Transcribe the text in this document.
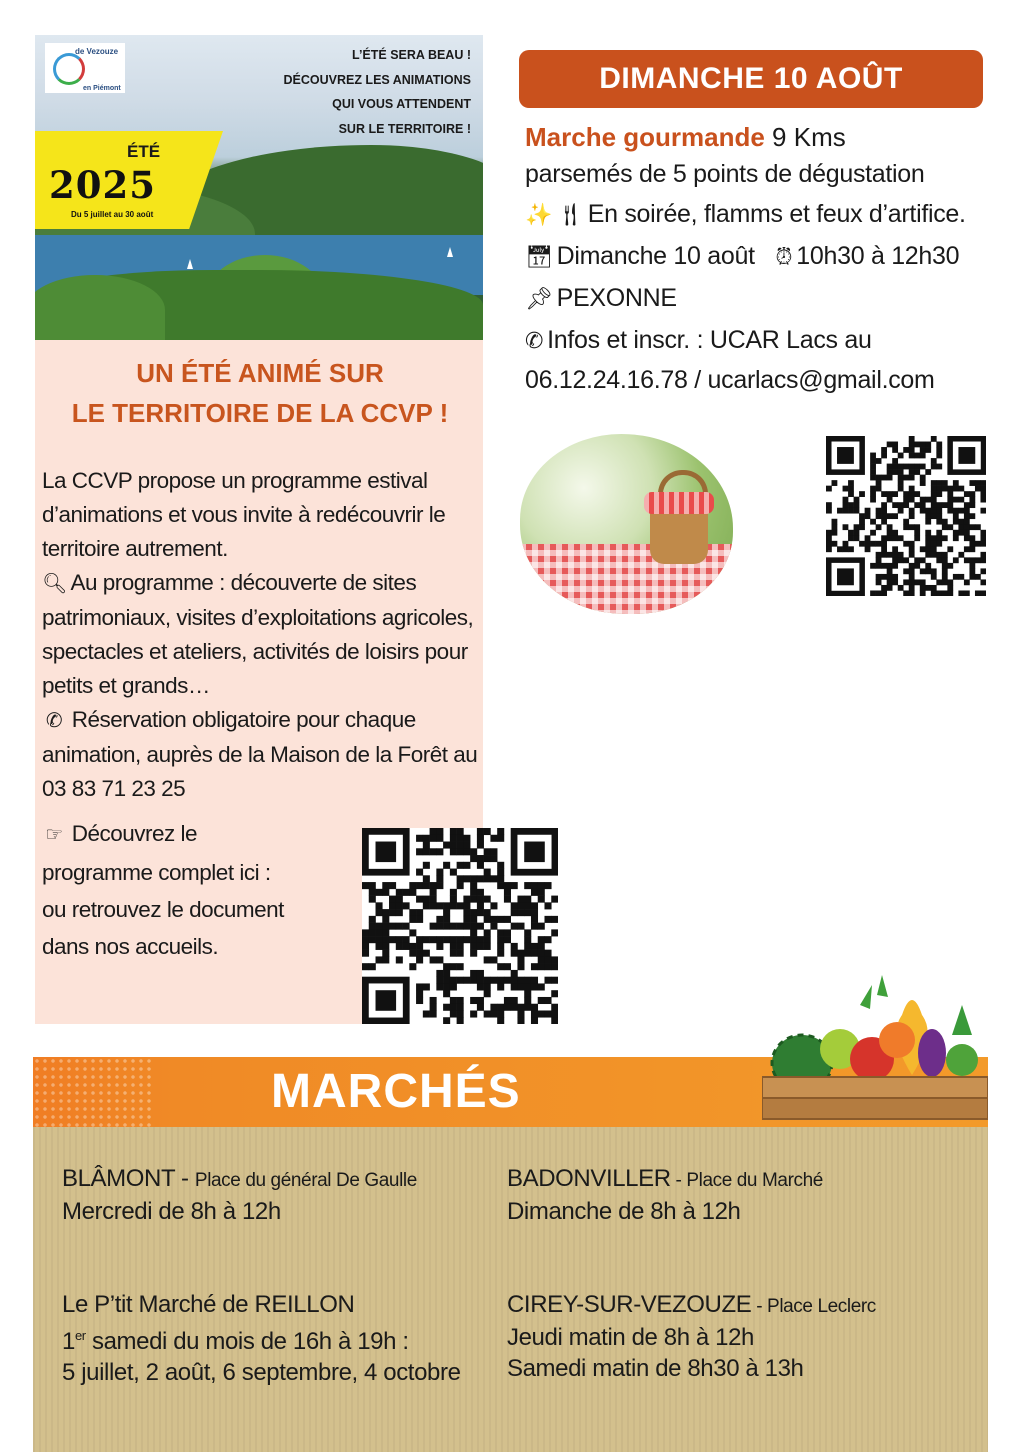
de Vezouze
en Piémont
L’ÉTÉ SERA BEAU !
DÉCOUVREZ LES ANIMATIONS
QUI VOUS ATTENDENT
SUR LE TERRITOIRE !
ÉTÉ
2025
Du 5 juillet au 30 août
UN ÉTÉ ANIMÉ SUR
LE TERRITOIRE DE LA CCVP !

La CCVP propose un programme estival d’animations et vous invite à redécouvrir le territoire autrement.

🔍︎ Au programme : découverte de sites patrimoniaux, visites d’exploitations agricoles, spectacles et ateliers, activités de loisirs pour petits et grands…

✆ Réservation obligatoire pour chaque animation, auprès de la Maison de la Forêt au 03 83 71 23 25

☞ Découvrez le

programme complet ici :

ou retrouvez le document

dans nos accueils.

DIMANCHE 10 AOÛT
Marche gourmande 9 Kms
parsemés de 5 points de dégustation
✨ 🍴︎ En soirée, flamms et feux d’artifice.
📅︎ Dimanche 10 août ⏰︎ 10h30 à 12h30
📌︎ PEXONNE
✆ Infos et inscr. : UCAR Lacs au
06.12.24.16.78 / ucarlacs@gmail.com
MARCHÉS
BLÂMONT - Place du général De Gaulle
Mercredi de 8h à 12h
BADONVILLER - Place du Marché
Dimanche de 8h à 12h
Le P’tit Marché de REILLON
1er samedi du mois de 16h à 19h :
5 juillet, 2 août, 6 septembre, 4 octobre
CIREY-SUR-VEZOUZE - Place Leclerc
Jeudi matin de 8h à 12h
Samedi matin de 8h30 à 13h
